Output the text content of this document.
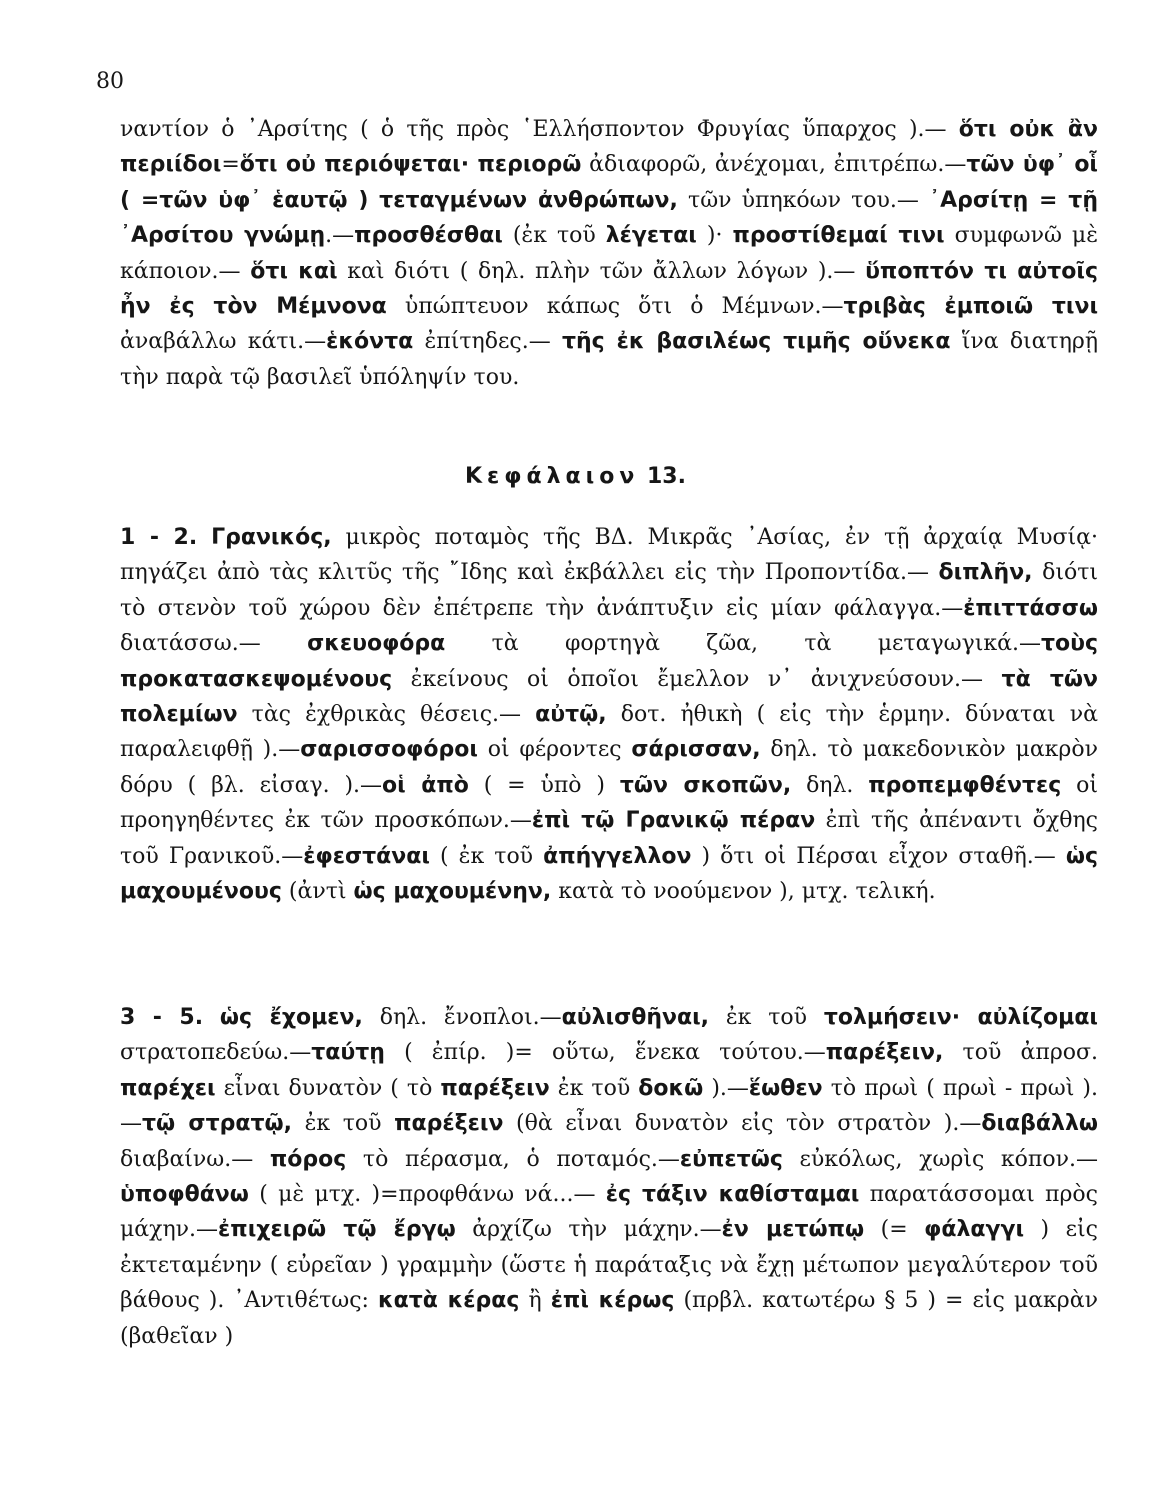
80
ναντίον ὁ ᾽Αρσίτης ( ὁ τῆς πρὸς ῾Ελλήσποντον Φρυγίας ὕπαρχος ).— ὅτι οὐκ ἂν περιίδοι=ὅτι οὐ περιόψεται· περιορῶ ἀδιαφορῶ, ἀνέχομαι, ἐπιτρέπω.—τῶν ὑφ᾽ οἷ ( =τῶν ὑφ᾽ ἑαυτῷ ) τεταγμένων ἀνθρώπων, τῶν ὑπηκόων του.— ᾽Αρσίτῃ = τῇ ᾽Αρσίτου γνώμῃ.—προσθέσθαι (ἐκ τοῦ λέγεται )· προστίθεμαί τινι συμφωνῶ μὲ κάποιον.— ὅτι καὶ καὶ διότι ( δηλ. πλὴν τῶν ἄλλων λόγων ).— ὕποπτόν τι αὐτοῖς ἦν ἐς τὸν Μέμνονα ὑπώπτευον κάπως ὅτι ὁ Μέμνων.—τριβὰς ἐμποιῶ τινι ἀναβάλλω κάτι.—ἑκόντα ἐπίτηδες.— τῆς ἐκ βασιλέως τιμῆς οὕνεκα ἵνα διατηρῇ τὴν παρὰ τῷ βασιλεῖ ὑπόληψίν του.
Κεφάλαιον 13.
1 - 2. Γρανικός, μικρὸς ποταμὸς τῆς ΒΔ. Μικρᾶς ᾽Ασίας, ἐν τῇ ἀρχαίᾳ Μυσίᾳ· πηγάζει ἀπὸ τὰς κλιτῦς τῆς ῎Ιδης καὶ ἐκβάλλει εἰς τὴν Προποντίδα.— διπλῆν, διότι τὸ στενὸν τοῦ χώρου δὲν ἐπέτρεπε τὴν ἀνάπτυξιν εἰς μίαν φάλαγγα.—ἐπιττάσσω διατάσσω.— σκευοφόρα τὰ φορτηγὰ ζῶα, τὰ μεταγωγικά.—τοὺς προκατασκεψομένους ἐκείνους οἱ ὁποῖοι ἔμελλον ν᾽ ἀνιχνεύσουν.— τὰ τῶν πολεμίων τὰς ἐχθρικὰς θέσεις.— αὐτῷ, δοτ. ἠθικὴ ( εἰς τὴν ἑρμην. δύναται νὰ παραλειφθῇ ).—σαρισσοφόροι οἱ φέροντες σάρισσαν, δηλ. τὸ μακεδονικὸν μακρὸν δόρυ ( βλ. εἰσαγ. ).—οἱ ἀπὸ ( = ὑπὸ ) τῶν σκοπῶν, δηλ. προπεμφθέντες οἱ προηγηθέντες ἐκ τῶν προσκόπων.—ἐπὶ τῷ Γρανικῷ πέραν ἐπὶ τῆς ἀπέναντι ὄχθης τοῦ Γρανικοῦ.—ἐφεστάναι ( ἐκ τοῦ ἀπήγγελλον ) ὅτι οἱ Πέρσαι εἶχον σταθῆ.— ὡς μαχουμένους (ἀντὶ ὡς μαχουμένην, κατὰ τὸ νοούμενον ), μτχ. τελική.
3 - 5. ὡς ἔχομεν, δηλ. ἔνοπλοι.—αὐλισθῆναι, ἐκ τοῦ τολμήσειν· αὐλίζομαι στρατοπεδεύω.—ταύτῃ ( ἐπίρ. )= οὕτω, ἕνεκα τούτου.—παρέξειν, τοῦ ἀπροσ. παρέχει εἶναι δυνατὸν ( τὸ παρέξειν ἐκ τοῦ δοκῶ ).—ἕωθεν τὸ πρωὶ ( πρωὶ - πρωὶ ).—τῷ στρατῷ, ἐκ τοῦ παρέξειν (θὰ εἶναι δυνατὸν εἰς τὸν στρατὸν ).—διαβάλλω διαβαίνω.— πόρος τὸ πέρασμα, ὁ ποταμός.—εὐπετῶς εὐκόλως, χωρὶς κόπον.— ὑποφθάνω ( μὲ μτχ. )=προφθάνω νά...— ἐς τάξιν καθίσταμαι παρατάσσομαι πρὸς μάχην.—ἐπιχειρῶ τῷ ἔργῳ ἀρχίζω τὴν μάχην.—ἐν μετώπῳ (= φάλαγγι ) εἰς ἐκτεταμένην ( εὐρεῖαν ) γραμμὴν (ὥστε ἡ παράταξις νὰ ἔχῃ μέτωπον μεγαλύτερον τοῦ βάθους ). ᾽Αντιθέτως: κατὰ κέρας ἢ ἐπὶ κέρως (πρβλ. κατωτέρω § 5 ) = εἰς μακρὰν (βαθεῖαν )
